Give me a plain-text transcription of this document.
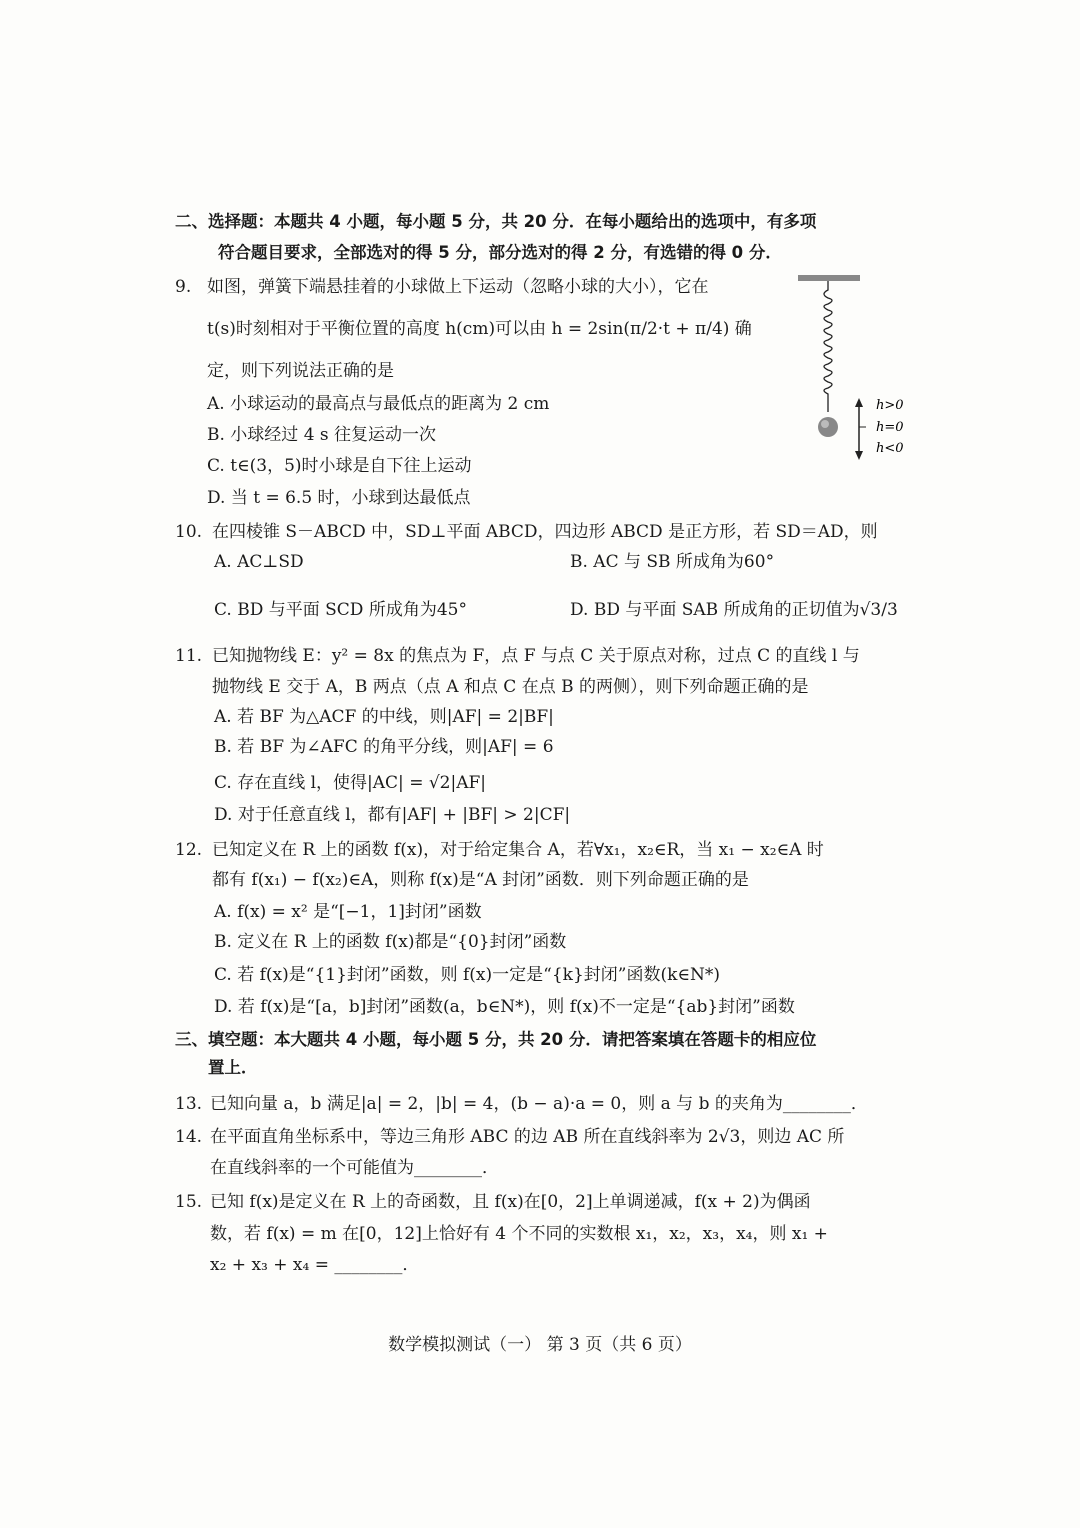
二、选择题：本题共 4 小题，每小题 5 分，共 20 分．在每小题给出的选项中，有多项
符合题目要求，全部选对的得 5 分，部分选对的得 2 分，有选错的得 0 分．
9. 如图，弹簧下端悬挂着的小球做上下运动（忽略小球的大小），它在
t(s)时刻相对于平衡位置的高度 h(cm)可以由 h = 2sin(π/2·t + π/4) 确
定，则下列说法正确的是
A. 小球运动的最高点与最低点的距离为 2 cm
B. 小球经过 4 s 往复运动一次
C. t∈(3，5)时小球是自下往上运动
D. 当 t = 6.5 时，小球到达最低点
h>0
h=0
h<0
10. 在四棱锥 S－ABCD 中，SD⊥平面 ABCD，四边形 ABCD 是正方形，若 SD＝AD，则
A. AC⊥SD	B. AC 与 SB 所成角为60°
C. BD 与平面 SCD 所成角为45°	D. BD 与平面 SAB 所成角的正切值为√3/3
11. 已知抛物线 E：y² = 8x 的焦点为 F，点 F 与点 C 关于原点对称，过点 C 的直线 l 与
抛物线 E 交于 A，B 两点（点 A 和点 C 在点 B 的两侧），则下列命题正确的是
A. 若 BF 为△ACF 的中线，则|AF| = 2|BF|
B. 若 BF 为∠AFC 的角平分线，则|AF| = 6
C. 存在直线 l，使得|AC| = √2|AF|
D. 对于任意直线 l，都有|AF| + |BF| > 2|CF|
12. 已知定义在 R 上的函数 f(x)，对于给定集合 A，若∀x₁，x₂∈R，当 x₁ − x₂∈A 时
都有 f(x₁) − f(x₂)∈A，则称 f(x)是“A 封闭”函数．则下列命题正确的是
A. f(x) = x² 是“[−1，1]封闭”函数
B. 定义在 R 上的函数 f(x)都是“{0}封闭”函数
C. 若 f(x)是“{1}封闭”函数，则 f(x)一定是“{k}封闭”函数(k∈N*)
D. 若 f(x)是“[a，b]封闭”函数(a，b∈N*)，则 f(x)不一定是“{ab}封闭”函数
三、填空题：本大题共 4 小题，每小题 5 分，共 20 分．请把答案填在答题卡的相应位
置上．
13. 已知向量 a，b 满足|a| = 2，|b| = 4，(b − a)·a = 0，则 a 与 b 的夹角为________．
14. 在平面直角坐标系中，等边三角形 ABC 的边 AB 所在直线斜率为 2√3，则边 AC 所
在直线斜率的一个可能值为________．
15. 已知 f(x)是定义在 R 上的奇函数，且 f(x)在[0，2]上单调递减，f(x + 2)为偶函
数，若 f(x) = m 在[0，12]上恰好有 4 个不同的实数根 x₁，x₂，x₃，x₄，则 x₁ +
x₂ + x₃ + x₄ = ________．
数学模拟测试（一） 第 3 页（共 6 页）
